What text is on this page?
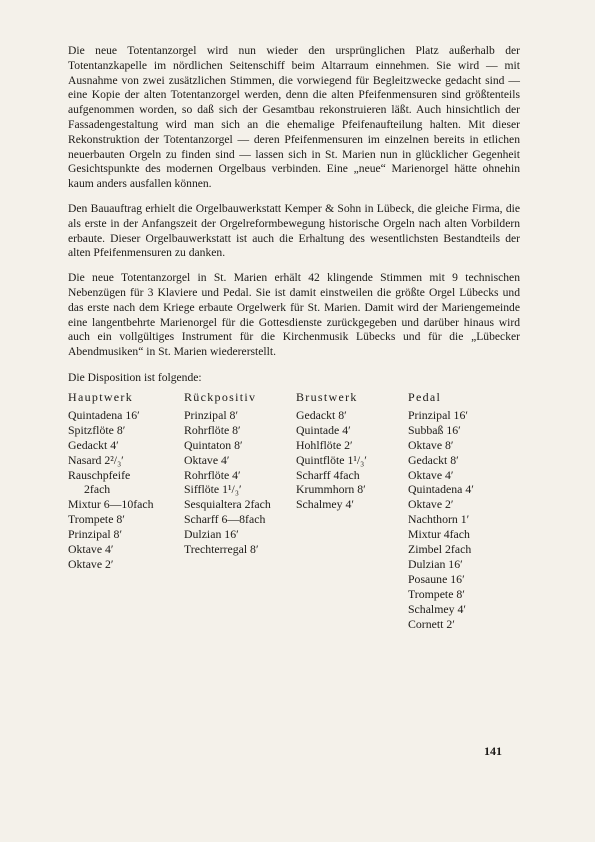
Die neue Totentanzorgel wird nun wieder den ursprünglichen Platz außerhalb der Totentanzkapelle im nördlichen Seitenschiff beim Altarraum einnehmen. Sie wird — mit Ausnahme von zwei zusätzlichen Stimmen, die vorwiegend für Begleitzwecke gedacht sind — eine Kopie der alten Totentanzorgel werden, denn die alten Pfeifenmensuren sind größtenteils aufgenommen worden, so daß sich der Gesamtbau rekonstruieren läßt. Auch hinsichtlich der Fassadengestaltung wird man sich an die ehemalige Pfeifenaufteilung halten. Mit dieser Rekonstruktion der Totentanzorgel — deren Pfeifenmensuren im einzelnen bereits in etlichen neuerbauten Orgeln zu finden sind — lassen sich in St. Marien nun in glücklicher Gegenheit Gesichtspunkte des modernen Orgelbaus verbinden. Eine „neue“ Marienorgel hätte ohnehin kaum anders ausfallen können.

Den Bauauftrag erhielt die Orgelbauwerkstatt Kemper & Sohn in Lübeck, die gleiche Firma, die als erste in der Anfangszeit der Orgelreformbewegung historische Orgeln nach alten Vorbildern erbaute. Dieser Orgelbauwerkstatt ist auch die Erhaltung des wesentlichsten Bestandteils der alten Pfeifenmensuren zu danken.

Die neue Totentanzorgel in St. Marien erhält 42 klingende Stimmen mit 9 technischen Nebenzügen für 3 Klaviere und Pedal. Sie ist damit einstweilen die größte Orgel Lübecks und das erste nach dem Kriege erbaute Orgelwerk für St. Marien. Damit wird der Mariengemeinde eine langentbehrte Marienorgel für die Gottesdienste zurückgegeben und darüber hinaus wird auch ein vollgültiges Instrument für die Kirchenmusik Lübecks und für die „Lübecker Abendmusiken“ in St. Marien wiedererstellt.

Die Disposition ist folgende:
Hauptwerk
Quintadena 16′
Spitzflöte 8′
Gedackt 4′
Nasard 2²/₃′
Rauschpfeife
2fach
Mixtur 6—10fach
Trompete 8′
Prinzipal 8′
Oktave 4′
Oktave 2′
Rückpositiv
Prinzipal 8′
Rohrflöte 8′
Quintaton 8′
Oktave 4′
Rohrflöte 4′
Sifflöte 1¹/₃′
Sesquialtera 2fach
Scharff 6—8fach
Dulzian 16′
Trechterregal 8′
Brustwerk
Gedackt 8′
Quintade 4′
Hohlflöte 2′
Quintflöte 1¹/₃′
Scharff 4fach
Krummhorn 8′
Schalmey 4′
Pedal
Prinzipal 16′
Subbaß 16′
Oktave 8′
Gedackt 8′
Oktave 4′
Quintadena 4′
Oktave 2′
Nachthorn 1′
Mixtur 4fach
Zimbel 2fach
Dulzian 16′
Posaune 16′
Trompete 8′
Schalmey 4′
Cornett 2′
141
